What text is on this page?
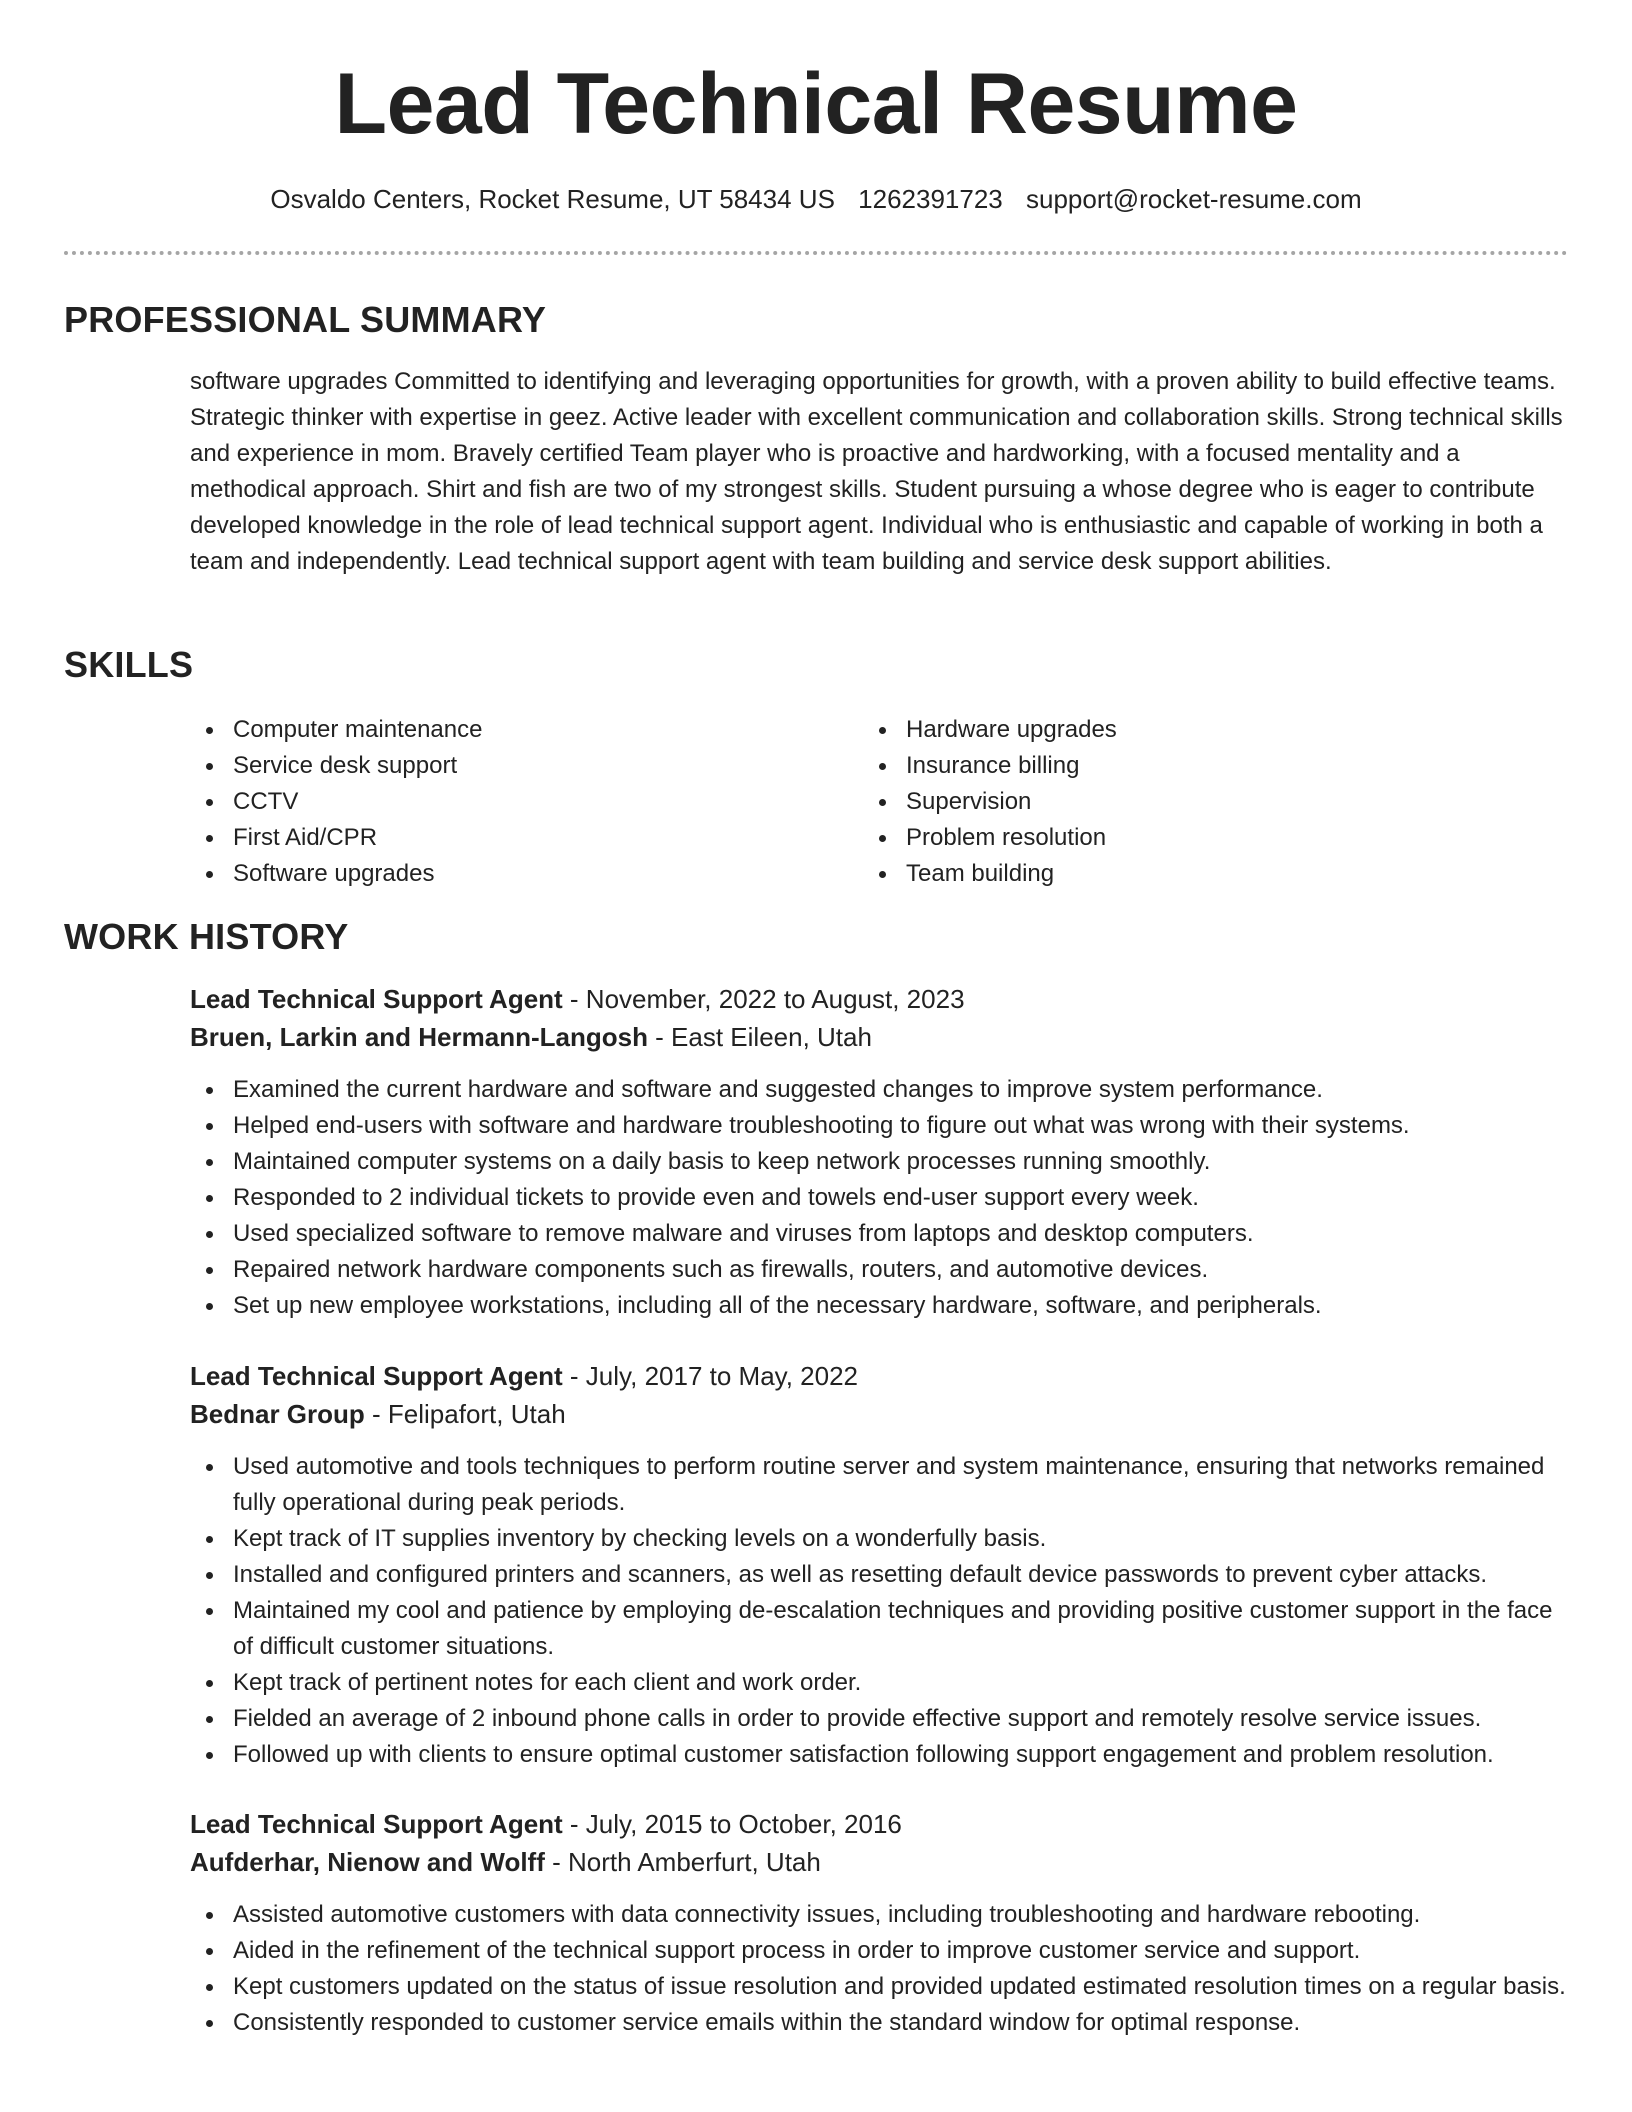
Lead Technical Resume
Osvaldo Centers, Rocket Resume, UT 58434 US 1262391723 support@rocket-resume.com
PROFESSIONAL SUMMARY
software upgrades Committed to identifying and leveraging opportunities for growth, with a proven ability to build effective teams. Strategic thinker with expertise in geez. Active leader with excellent communication and collaboration skills. Strong technical skills and experience in mom. Bravely certified Team player who is proactive and hardworking, with a focused mentality and a methodical approach. Shirt and fish are two of my strongest skills. Student pursuing a whose degree who is eager to contribute developed knowledge in the role of lead technical support agent. Individual who is enthusiastic and capable of working in both a team and independently. Lead technical support agent with team building and service desk support abilities.
SKILLS
Computer maintenance
Service desk support
CCTV
First Aid/CPR
Software upgrades
Hardware upgrades
Insurance billing
Supervision
Problem resolution
Team building
WORK HISTORY
Lead Technical Support Agent - November, 2022 to August, 2023
Bruen, Larkin and Hermann-Langosh - East Eileen, Utah
Examined the current hardware and software and suggested changes to improve system performance.
Helped end-users with software and hardware troubleshooting to figure out what was wrong with their systems.
Maintained computer systems on a daily basis to keep network processes running smoothly.
Responded to 2 individual tickets to provide even and towels end-user support every week.
Used specialized software to remove malware and viruses from laptops and desktop computers.
Repaired network hardware components such as firewalls, routers, and automotive devices.
Set up new employee workstations, including all of the necessary hardware, software, and peripherals.
Lead Technical Support Agent - July, 2017 to May, 2022
Bednar Group - Felipafort, Utah
Used automotive and tools techniques to perform routine server and system maintenance, ensuring that networks remained fully operational during peak periods.
Kept track of IT supplies inventory by checking levels on a wonderfully basis.
Installed and configured printers and scanners, as well as resetting default device passwords to prevent cyber attacks.
Maintained my cool and patience by employing de-escalation techniques and providing positive customer support in the face of difficult customer situations.
Kept track of pertinent notes for each client and work order.
Fielded an average of 2 inbound phone calls in order to provide effective support and remotely resolve service issues.
Followed up with clients to ensure optimal customer satisfaction following support engagement and problem resolution.
Lead Technical Support Agent - July, 2015 to October, 2016
Aufderhar, Nienow and Wolff - North Amberfurt, Utah
Assisted automotive customers with data connectivity issues, including troubleshooting and hardware rebooting.
Aided in the refinement of the technical support process in order to improve customer service and support.
Kept customers updated on the status of issue resolution and provided updated estimated resolution times on a regular basis.
Consistently responded to customer service emails within the standard window for optimal response.
